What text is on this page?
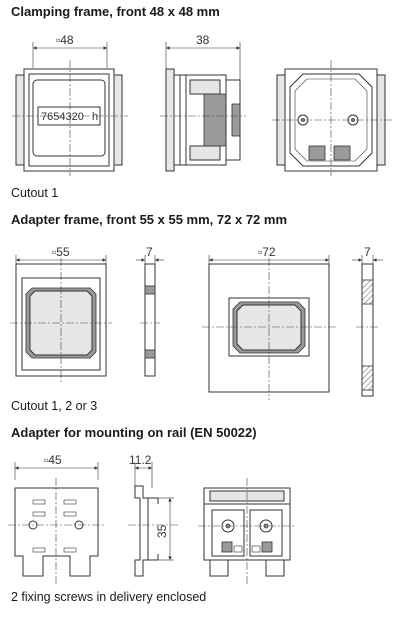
Clamping frame, front 48 x 48 mm
Cutout 1
Adapter frame, front 55 x 55 mm, 72 x 72 mm
Cutout 1, 2 or 3
Adapter for mounting on rail (EN 50022)
2 fixing screws in delivery enclosed
▫48
7654320 h
38
▫55	7	▫72	7
▫45	11.2
35
